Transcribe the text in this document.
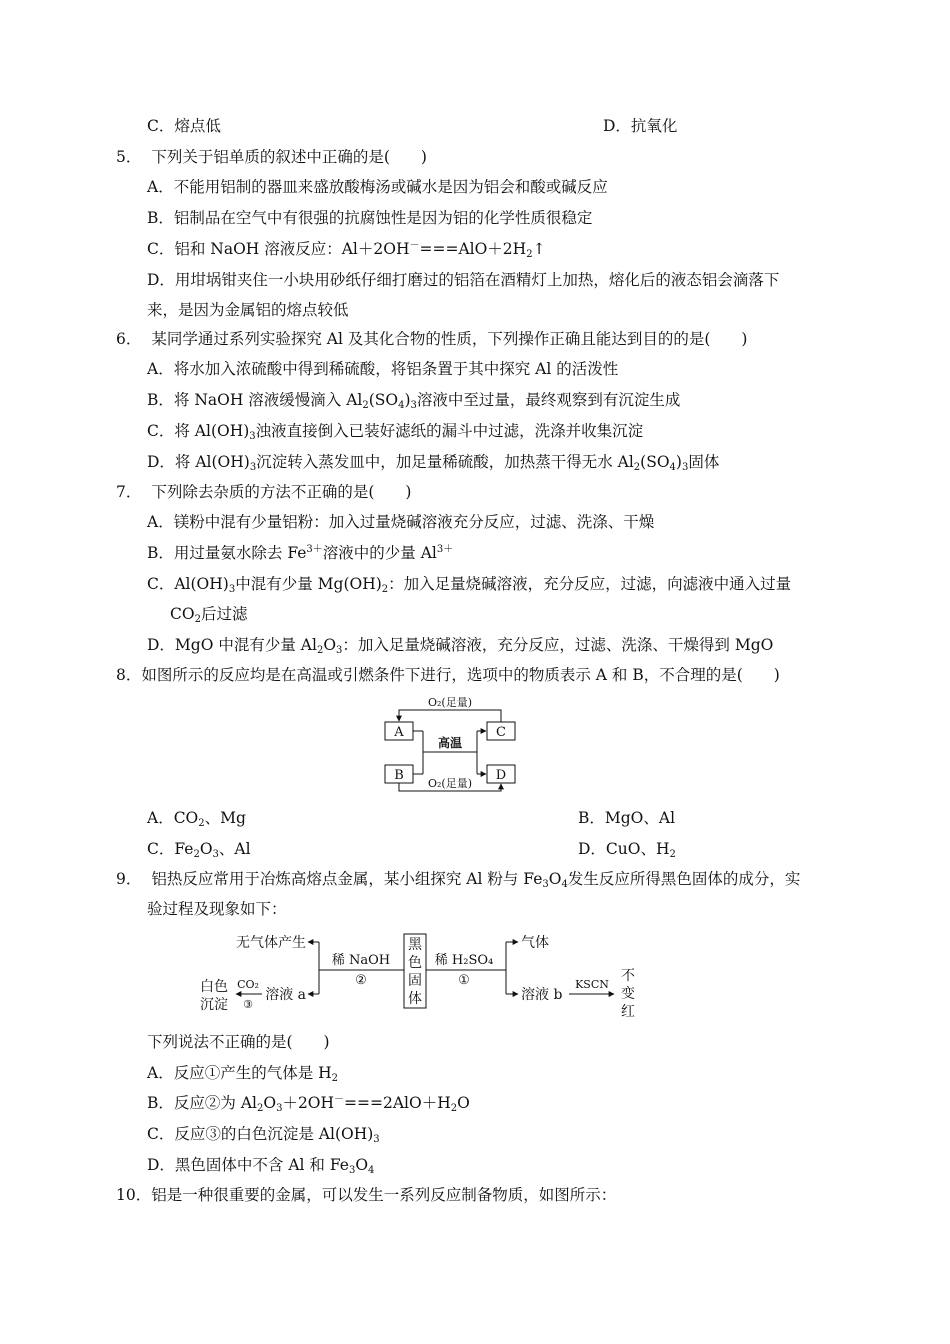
C．熔点低	D．抗氧化
5． 下列关于铝单质的叙述中正确的是(　　)
A．不能用铝制的器皿来盛放酸梅汤或碱水是因为铝会和酸或碱反应
B．铝制品在空气中有很强的抗腐蚀性是因为铝的化学性质很稳定
C．铝和 NaOH 溶液反应：$Al+2OH^-===AlO+2H_2↑$
D．用坩埚钳夹住一小块用砂纸仔细打磨过的铝箔在酒精灯上加热，熔化后的液态铝会滴落下
来，是因为金属铝的熔点较低
6． 某同学通过系列实验探究 Al 及其化合物的性质，下列操作正确且能达到目的的是(　　)
A．将水加入浓硫酸中得到稀硫酸，将铝条置于其中探究 Al 的活泼性
B．将 NaOH 溶液缓慢滴入 $Al_2(SO_4)_3$溶液中至过量，最终观察到有沉淀生成
C．将 $Al(OH)_3$浊液直接倒入已装好滤纸的漏斗中过滤，洗涤并收集沉淀
D．将 $Al(OH)_3$沉淀转入蒸发皿中，加足量稀硫酸，加热蒸干得无水 $Al_2(SO_4)_3$固体
7． 下列除去杂质的方法不正确的是(　　)
A．镁粉中混有少量铝粉：加入过量烧碱溶液充分反应，过滤、洗涤、干燥
B．用过量氨水除去 $Fe^{3+}$溶液中的少量 $Al^{3+}$
C．$Al(OH)_3$中混有少量 $Mg(OH)_2$：加入足量烧碱溶液，充分反应，过滤，向滤液中通入过量
$CO_2$后过滤
D．MgO 中混有少量 $Al_2O_3$：加入足量烧碱溶液，充分反应，过滤、洗涤、干燥得到 MgO
8．如图所示的反应均是在高温或引燃条件下进行，选项中的物质表示 A 和 B，不合理的是(　　)
A	C
B	D
O₂(足量)
高温
O₂(足量)
A．$CO_2$、Mg	B．MgO、Al
C．$Fe_2O_3$、Al	D．CuO、$H_2$
9． 铝热反应常用于冶炼高熔点金属，某小组探究 Al 粉与 $Fe_3O_4$发生反应所得黑色固体的成分，实
验过程及现象如下：
黑
色
固
体
稀 NaOH
②
无气体产生
溶液 a
CO₂
③
白色
沉淀
稀 H₂SO₄
①
气体
溶液 b
KSCN
不
变
红
下列说法不正确的是(　　)
A．反应①产生的气体是 $H_2$
B．反应②为 $Al_2O_3+2OH^-===2AlO+H_2O$
C．反应③的白色沉淀是 $Al(OH)_3$
D．黑色固体中不含 Al 和 $Fe_3O_4$
10．铝是一种很重要的金属，可以发生一系列反应制备物质，如图所示：
